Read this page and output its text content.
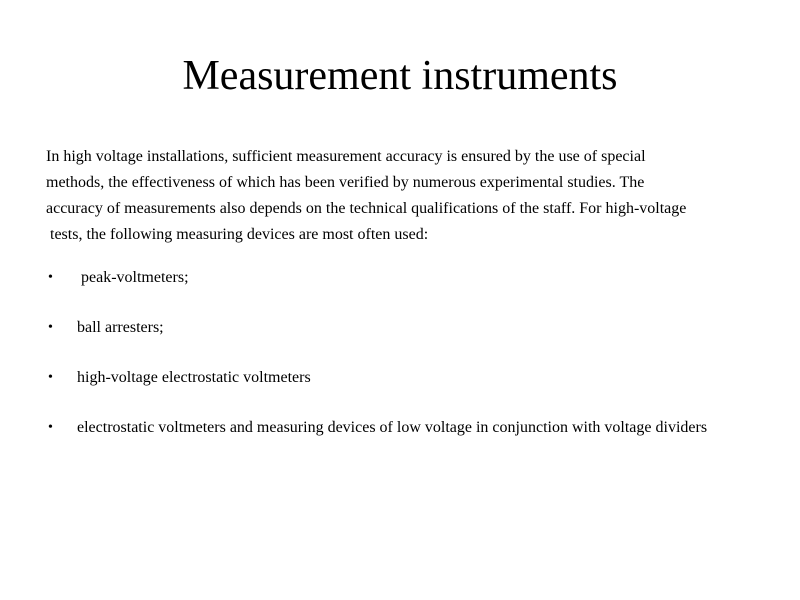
Measurement instruments
In high voltage installations, sufficient measurement accuracy is ensured by the use of special
methods, the effectiveness of which has been verified by numerous experimental studies. The
accuracy of measurements also depends on the technical qualifications of the staff. For high-voltage
tests, the following measuring devices are most often used:
•	peak-voltmeters;
•	ball arresters;
•	high-voltage electrostatic voltmeters
•	electrostatic voltmeters and measuring devices of low voltage in conjunction with voltage dividers
